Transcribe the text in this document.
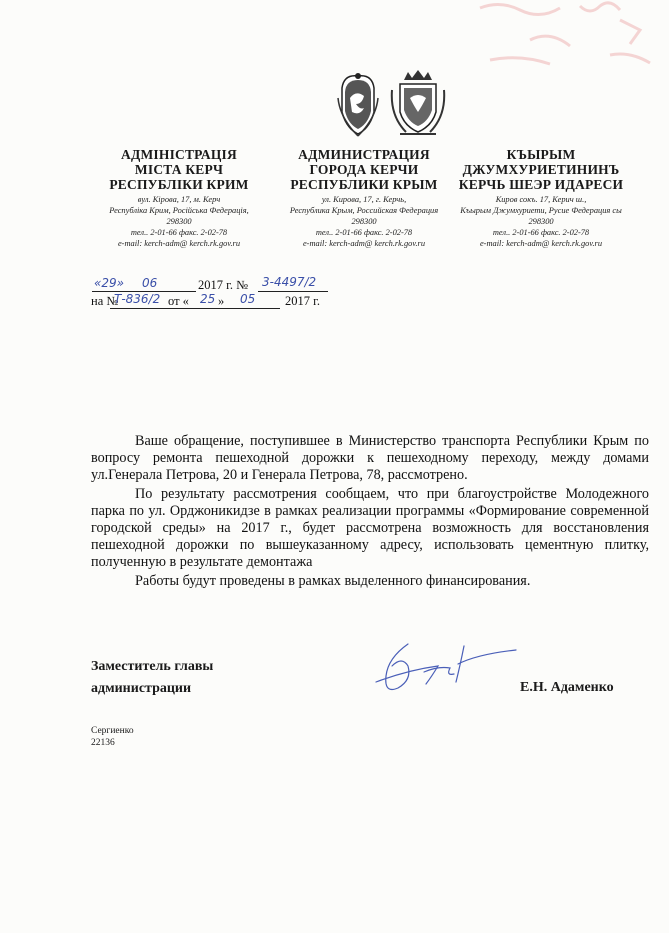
АДМІНІСТРАЦІЯ
МІСТА КЕРЧ
РЕСПУБЛІКИ КРИМ
вул. Кірова, 17, м. Керч
Республіка Крим, Російська Федерація,
298300
тел.. 2-01-66 факс. 2-02-78
e-mail: kerch-adm@ kerch.rk.gov.ru
АДМИНИСТРАЦИЯ
ГОРОДА КЕРЧИ
РЕСПУБЛИКИ КРЫМ
ул. Кирова, 17, г. Керчь,
Республика Крым, Российская Федерация
298300
тел.. 2-01-66 факс. 2-02-78
e-mail: kerch-adm@ kerch.rk.gov.ru
КЪЫРЫМ
ДЖУМХУРИЕТИНИНЪ
КЕРЧЬ ШЕЭР ИДАРЕСИ
Киров сокъ. 17, Керич ш.,
Къырым Джумхуриети, Русие Федерация сы
298300
тел.. 2-01-66 факс. 2-02-78
e-mail: kerch-adm@ kerch.rk.gov.ru
«29» 06	2017 г. № 3-4497/2
на №
Т-836/2 от « 25 » 05 2017 г.

Ваше обращение, поступившее в Министерство транспорта Республики Крым по вопросу ремонта пешеходной дорожки к пешеходному переходу, между домами ул.Генерала Петрова, 20 и Генерала Петрова, 78, рассмотрено.

По результату рассмотрения сообщаем, что при благоустройстве Молодежного парка по ул. Орджоникидзе в рамках реализации программы «Формирование современной городской среды» на 2017 г., будет рассмотрена возможность для восстановления пешеходной дорожки по вышеуказанному адресу, использовать цементную плитку, полученную в результате демонтажа

Работы будут проведены в рамках выделенного финансирования.

Заместитель главы
администрации	Е.Н. Адаменко
Сергиенко
22136
